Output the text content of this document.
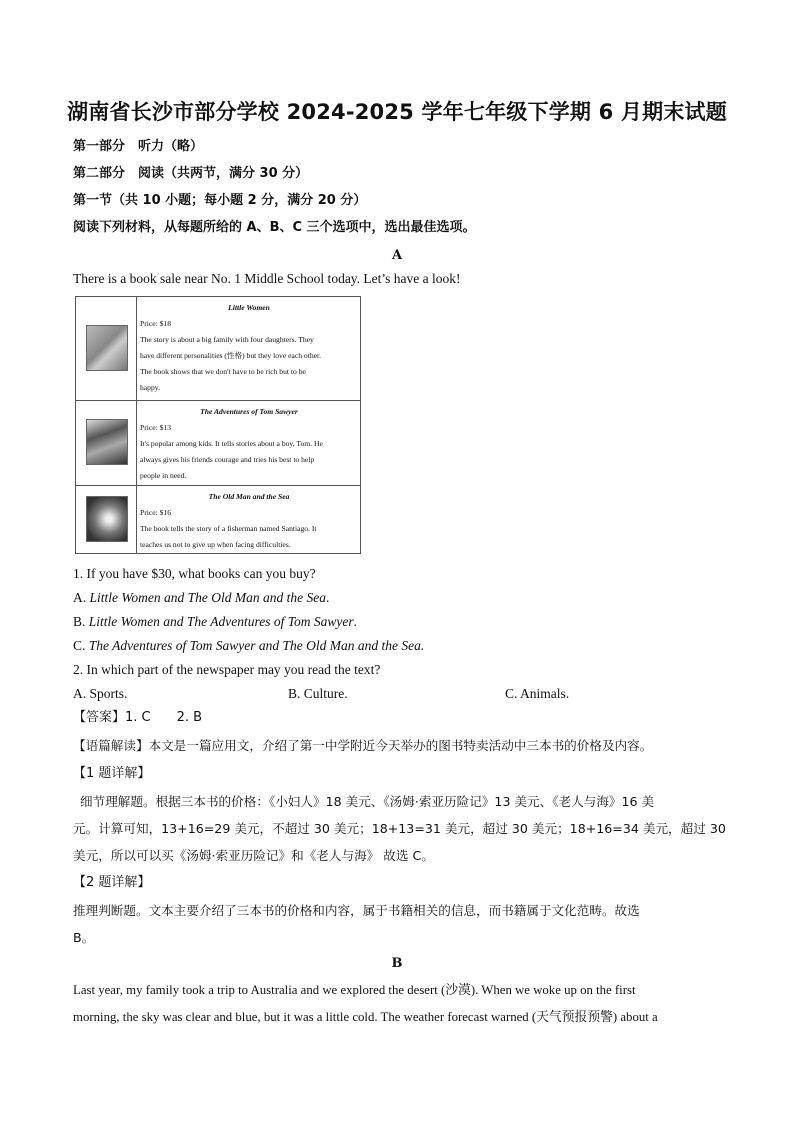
湖南省长沙市部分学校 2024-2025 学年七年级下学期 6 月期末试题
第一部分　听力（略）
第二部分　阅读（共两节，满分 30 分）
第一节（共 10 小题；每小题 2 分，满分 20 分）
阅读下列材料，从每题所给的 A、B、C 三个选项中，选出最佳选项。
A
There is a book sale near No. 1 Middle School today. Let’s have a look!
Little Women
Price: $18
The story is about a big family with four daughters. They
have different personalities (性格) but they love each other.
The book shows that we don't have to be rich but to be
happy.
The Adventures of Tom Sawyer
Price: $13
It's popular among kids. It tells stories about a boy, Tom. He
always gives his friends courage and tries his best to help
people in need.
The Old Man and the Sea
Price: $16
The book tells the story of a fisherman named Santiago. It
teaches us not to give up when facing difficulties.
1. If you have $30, what books can you buy?
A. Little Women and The Old Man and the Sea.
B. Little Women and The Adventures of Tom Sawyer.
C. The Adventures of Tom Sawyer and The Old Man and the Sea.
2. In which part of the newspaper may you read the text?
A. Sports.	B. Culture.	C. Animals.
【答案】1. C　　2. B
【语篇解读】本文是一篇应用文，介绍了第一中学附近今天举办的图书特卖活动中三本书的价格及内容。
【1 题详解】
细节理解题。根据三本书的价格：《小妇人》18 美元、《汤姆·索亚历险记》13 美元、《老人与海》16 美
元。计算可知，13+16=29 美元，不超过 30 美元；18+13=31 美元，超过 30 美元；18+16=34 美元，超过 30
美元，所以可以买《汤姆·索亚历险记》和《老人与海》 故选 C。
【2 题详解】
推理判断题。文本主要介绍了三本书的价格和内容，属于书籍相关的信息，而书籍属于文化范畴。故选
B。
B
Last year, my family took a trip to Australia and we explored the desert (沙漠). When we woke up on the first
morning, the sky was clear and blue, but it was a little cold. The weather forecast warned (天气预报预警) about a
